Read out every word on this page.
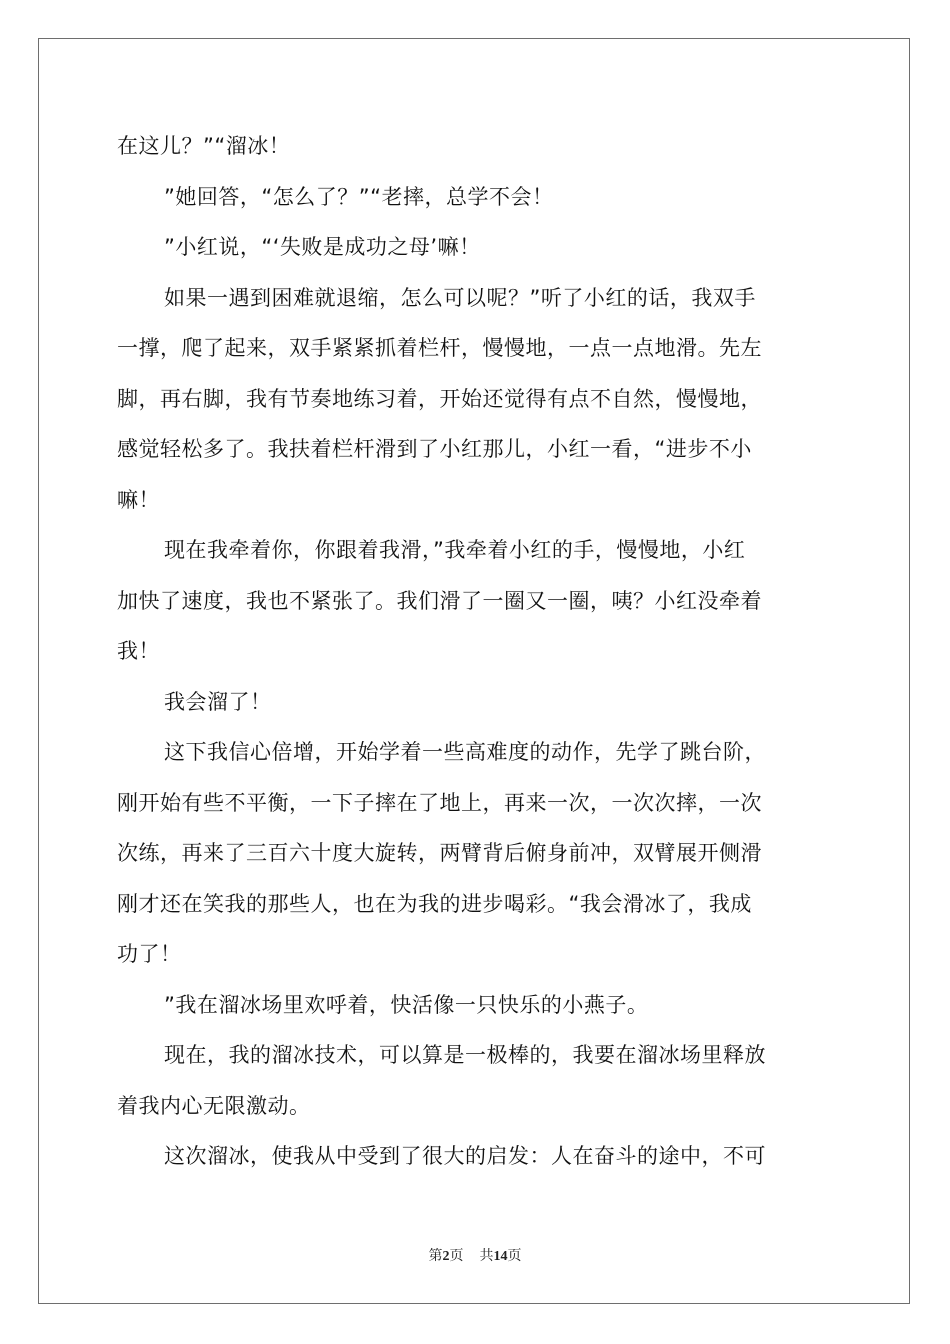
在这儿？”“溜冰！
”她回答，“怎么了？”“老摔，总学不会！
”小红说，“‘失败是成功之母’嘛！
如果一遇到困难就退缩，怎么可以呢？”听了小红的话，我双手
一撑，爬了起来，双手紧紧抓着栏杆，慢慢地，一点一点地滑。先左
脚，再右脚，我有节奏地练习着，开始还觉得有点不自然，慢慢地，
感觉轻松多了。我扶着栏杆滑到了小红那儿，小红一看，“进步不小
嘛！
现在我牵着你，你跟着我滑，”我牵着小红的手，慢慢地，小红
加快了速度，我也不紧张了。我们滑了一圈又一圈，咦？小红没牵着
我！
我会溜了！
这下我信心倍增，开始学着一些高难度的动作，先学了跳台阶，
刚开始有些不平衡，一下子摔在了地上，再来一次，一次次摔，一次
次练，再来了三百六十度大旋转，两臂背后俯身前冲，双臂展开侧滑
刚才还在笑我的那些人，也在为我的进步喝彩。“我会滑冰了，我成
功了！
”我在溜冰场里欢呼着，快活像一只快乐的小燕子。
现在，我的溜冰技术，可以算是一极棒的，我要在溜冰场里释放
着我内心无限激动。
这次溜冰，使我从中受到了很大的启发：人在奋斗的途中，不可
第2页 共14页
